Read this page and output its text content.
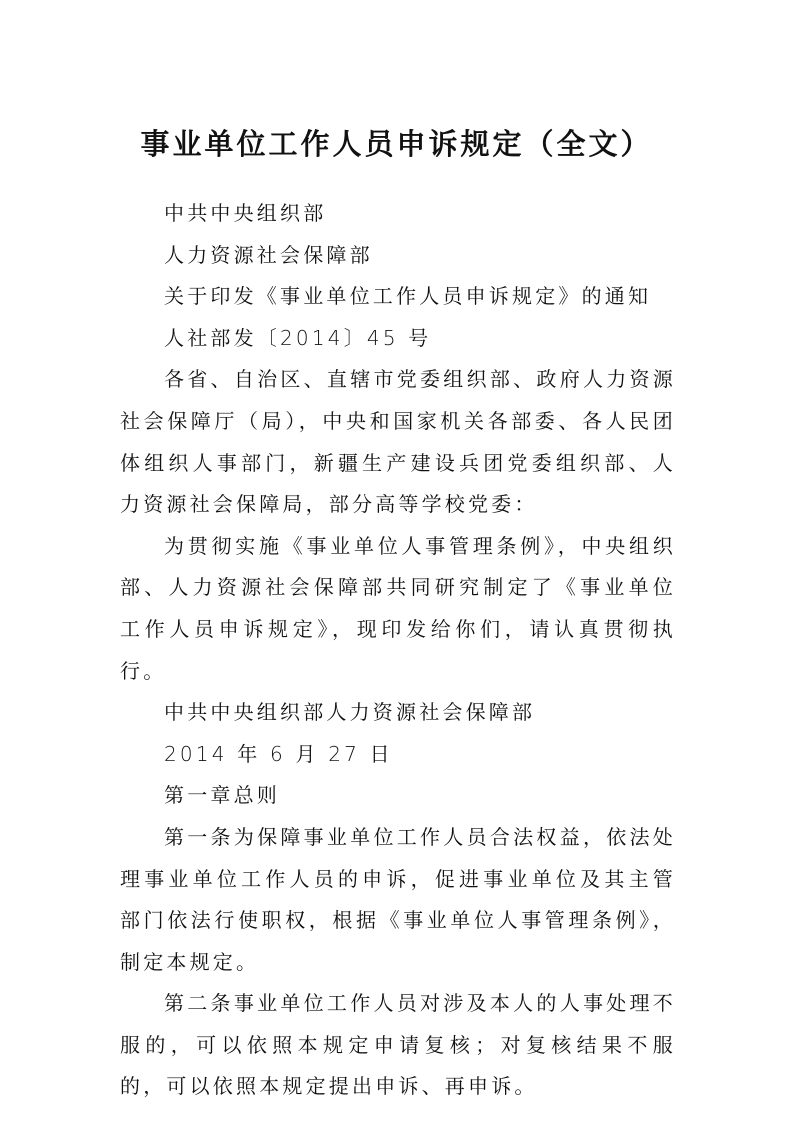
事业单位工作人员申诉规定（全文）

中共中央组织部

人力资源社会保障部

关于印发《事业单位工作人员申诉规定》的通知

人社部发〔2014〕45 号

各省、自治区、直辖市党委组织部、政府人力资源社会保障厅（局），中央和国家机关各部委、各人民团体组织人事部门，新疆生产建设兵团党委组织部、人力资源社会保障局，部分高等学校党委：

为贯彻实施《事业单位人事管理条例》，中央组织部、人力资源社会保障部共同研究制定了《事业单位工作人员申诉规定》，现印发给你们，请认真贯彻执行。

中共中央组织部人力资源社会保障部

2014 年 6 月 27 日

第一章总则

第一条为保障事业单位工作人员合法权益，依法处理事业单位工作人员的申诉，促进事业单位及其主管部门依法行使职权，根据《事业单位人事管理条例》，制定本规定。

第二条事业单位工作人员对涉及本人的人事处理不服的，可以依照本规定申请复核；对复核结果不服的，可以依照本规定提出申诉、再申诉。
